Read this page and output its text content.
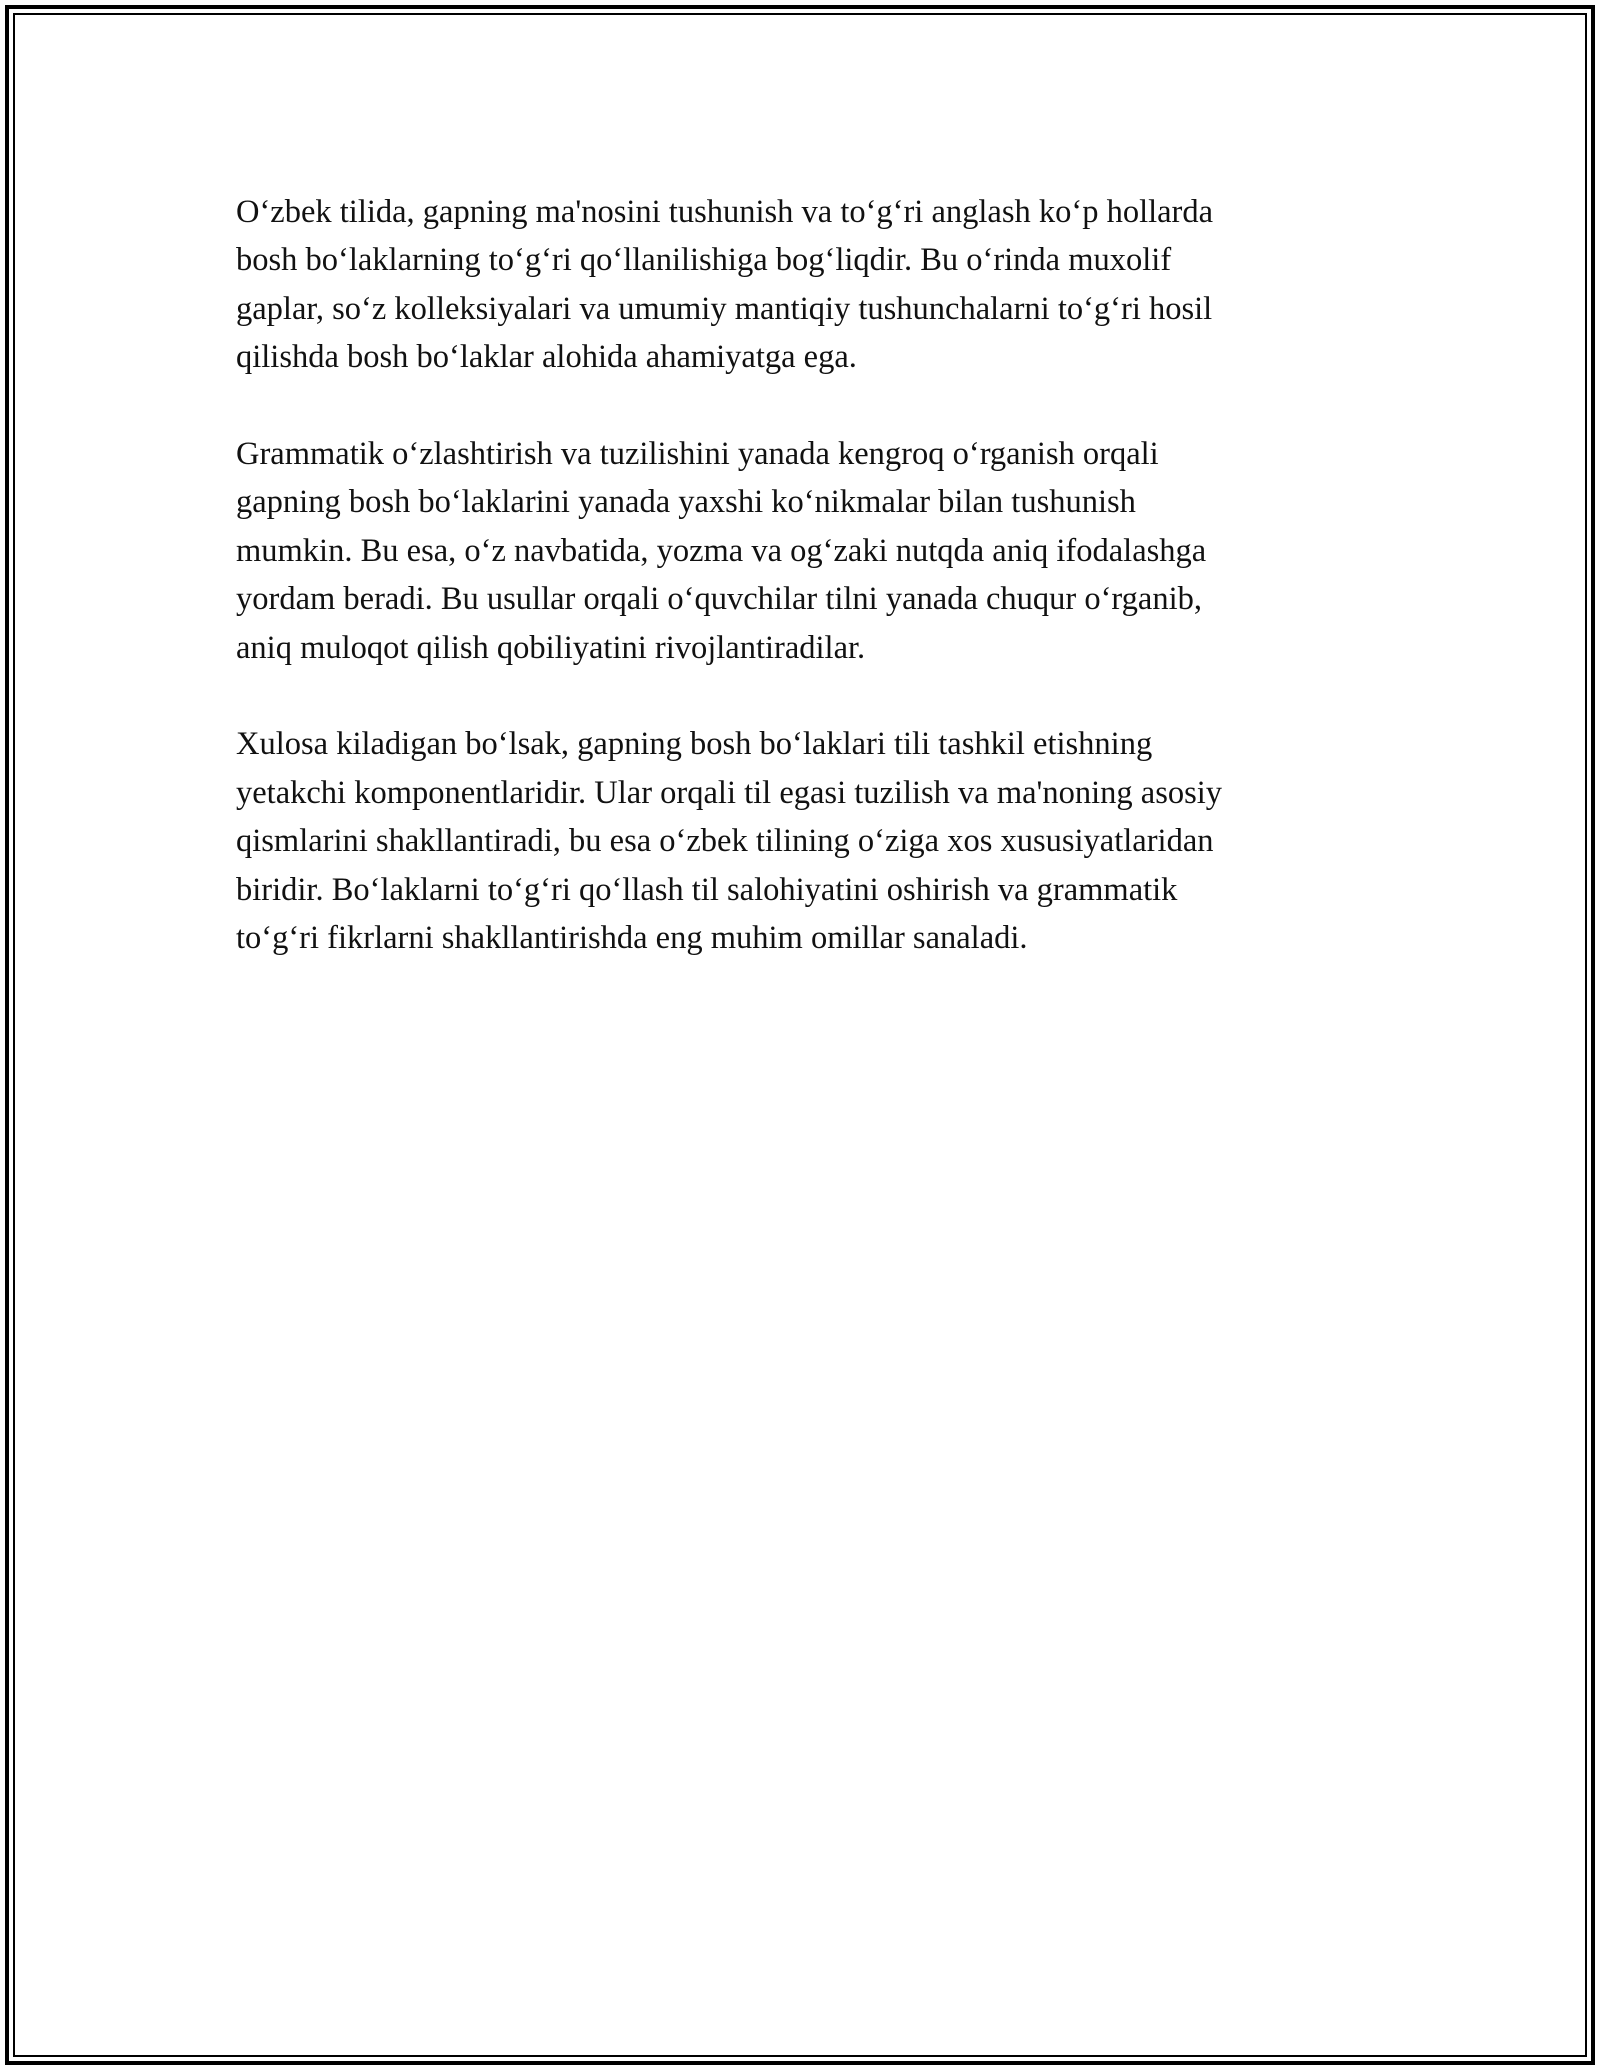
O‘zbek tilida, gapning ma'nosini tushunish va to‘g‘ri anglash ko‘p hollarda
bosh bo‘laklarning to‘g‘ri qo‘llanilishiga bog‘liqdir. Bu o‘rinda muxolif
gaplar, so‘z kolleksiyalari va umumiy mantiqiy tushunchalarni to‘g‘ri hosil
qilishda bosh bo‘laklar alohida ahamiyatga ega.

Grammatik o‘zlashtirish va tuzilishini yanada kengroq o‘rganish orqali
gapning bosh bo‘laklarini yanada yaxshi ko‘nikmalar bilan tushunish
mumkin. Bu esa, o‘z navbatida, yozma va og‘zaki nutqda aniq ifodalashga
yordam beradi. Bu usullar orqali o‘quvchilar tilni yanada chuqur o‘rganib,
aniq muloqot qilish qobiliyatini rivojlantiradilar.

Xulosa kiladigan bo‘lsak, gapning bosh bo‘laklari tili tashkil etishning
yetakchi komponentlaridir. Ular orqali til egasi tuzilish va ma'noning asosiy
qismlarini shakllantiradi, bu esa o‘zbek tilining o‘ziga xos xususiyatlaridan
biridir. Bo‘laklarni to‘g‘ri qo‘llash til salohiyatini oshirish va grammatik
to‘g‘ri fikrlarni shakllantirishda eng muhim omillar sanaladi.
